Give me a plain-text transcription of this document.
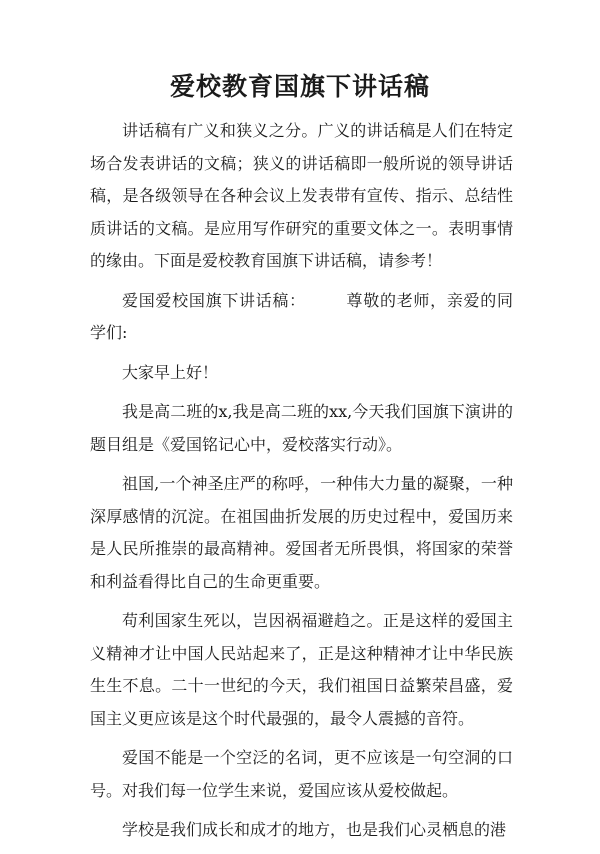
爱校教育国旗下讲话稿

讲话稿有广义和狭义之分。广义的讲话稿是人们在特定场合发表讲话的文稿；狭义的讲话稿即一般所说的领导讲话稿，是各级领导在各种会议上发表带有宣传、指示、总结性质讲话的文稿。是应用写作研究的重要文体之一。表明事情的缘由。下面是爱校教育国旗下讲话稿，请参考！

爱国爱校国旗下讲话稿：	尊敬的老师，亲爱的同学们:

大家早上好！

我是高二班的x,我是高二班的xx,今天我们国旗下演讲的题目组是《爱国铭记心中，爱校落实行动》。

祖国,一个神圣庄严的称呼，一种伟大力量的凝聚，一种深厚感情的沉淀。在祖国曲折发展的历史过程中，爱国历来是人民所推崇的最高精神。爱国者无所畏惧，将国家的荣誉和利益看得比自己的生命更重要。

苟利国家生死以，岂因祸福避趋之。正是这样的爱国主义精神才让中国人民站起来了，正是这种精神才让中华民族生生不息。二十一世纪的今天，我们祖国日益繁荣昌盛，爱国主义更应该是这个时代最强的，最令人震撼的音符。

爱国不能是一个空泛的名词，更不应该是一句空洞的口号。对我们每一位学生来说，爱国应该从爱校做起。

学校是我们成长和成才的地方，也是我们心灵栖息的港
